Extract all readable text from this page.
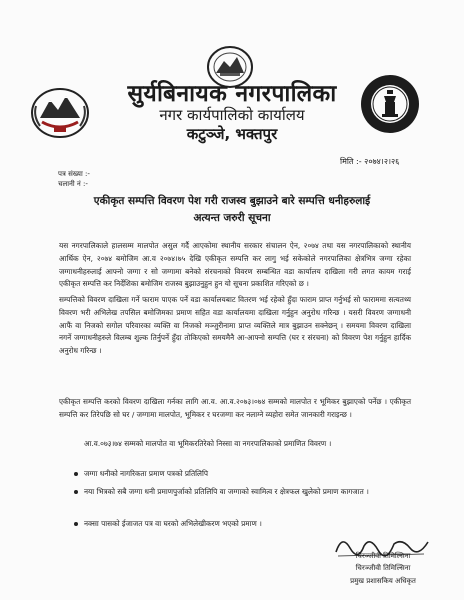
सुर्यबिनायक नगरपालिका
नगर कार्यपालिको कार्यालय
कटुञ्जे, भक्तपुर
पत्र संख्या :-
चलानी नं :-
मिति :- २०७४।२।२६
एकीकृत सम्पत्ति विवरण पेश गरी राजस्व बुझाउने बारे सम्पत्ति धनीहरुलाई
अत्यन्त जरुरी सूचना
यस नगरपालिकाले हालसम्म मालपोत असुल गर्दै आएकोमा स्थानीय सरकार संचालन ऐन, २०७४ तथा यस नगरपालिकाको स्थानीय आर्थिक ऐन, २०७४ बमोजिम आ.व २०७४।७५ देखि एकीकृत सम्पत्ति कर लागु भई सकेकोले नगरपालिका क्षेत्रभित्र जग्गा रहेका जग्गाधनीहरुलाई आफ्नो जग्गा र सो जग्गामा बनेको संरचनाको विवरण सम्बन्धित वडा कार्यालय दाखिला गरी लगत कायम गराई एकीकृत सम्पत्ति कर निर्देशिका बमोजिम राजस्व बुझाउनुहुन हुन यो सूचना प्रकाशित गरिएको छ ।
सम्पत्तिको विवरण दाखिला गर्ने फाराम पाएक पर्ने वडा कार्यालयबाट वितरण भई रहेको हुँदा फाराम प्राप्त गर्नुभई सो फाराममा सत्यतथ्य विवरण भरी अभिलेख तपसिल बमोजिमका प्रमाण सहित वडा कार्यालयमा दाखिला गर्नुहुन अनुरोध गरिन्छ । यसरी विवरण जग्गाधनी आफैं वा निजको सगोल परिवारका व्यक्ति वा निजको मञ्जुरीनामा प्राप्त व्यक्तिले मात्र बुझाउन सक्नेछन् । समयमा विवरण दाखिला नगर्ने जग्गाधनीहरुले विलम्ब शुल्क तिर्नुपर्ने हुँदा तोकिएको समयमैनै आ-आफ्नो सम्पत्ति (घर र संरचना) को विवरण पेश गर्नुहुन हार्दिक अनुरोध गरिन्छ ।
एकीकृत सम्पत्ति करको विवरण दाखिला गर्नका लागि आ.व. आ.व.२०७३।०७४ सम्मको मालपोत र भूमिकर बुझाएको पर्नेछ । एकीकृत सम्पत्ति कर तिरेपछि सो घर / जग्गामा मालपोत, भूमिकर र घरजग्गा कर नलाग्ने व्यहोरा समेत जानकारी गराइन्छ ।
आ.व.०७३।७४ सम्मको मालपोत वा भूमिकरतिरेको निस्सा वा नगरपालिकाको प्रमाणित विवरण ।
जग्गा धनीको नागरिकता प्रमाण पत्रको प्रतिलिपि
नया भित्रको सबै जग्गा धनी प्रमाणपुर्जाको प्रतिलिपि वा जग्गाको स्वामित्व र क्षेत्रफल खुलेको प्रमाण कागजात ।
नक्सा पासको ईजाजत पत्र वा घरको अभिलेखीकरण भएको प्रमाण ।
चिरञ्जीवी तिमिल्सिना
चिरञ्जीवी तिमिल्सिना
प्रमुख प्रशासकिय अधिकृत
